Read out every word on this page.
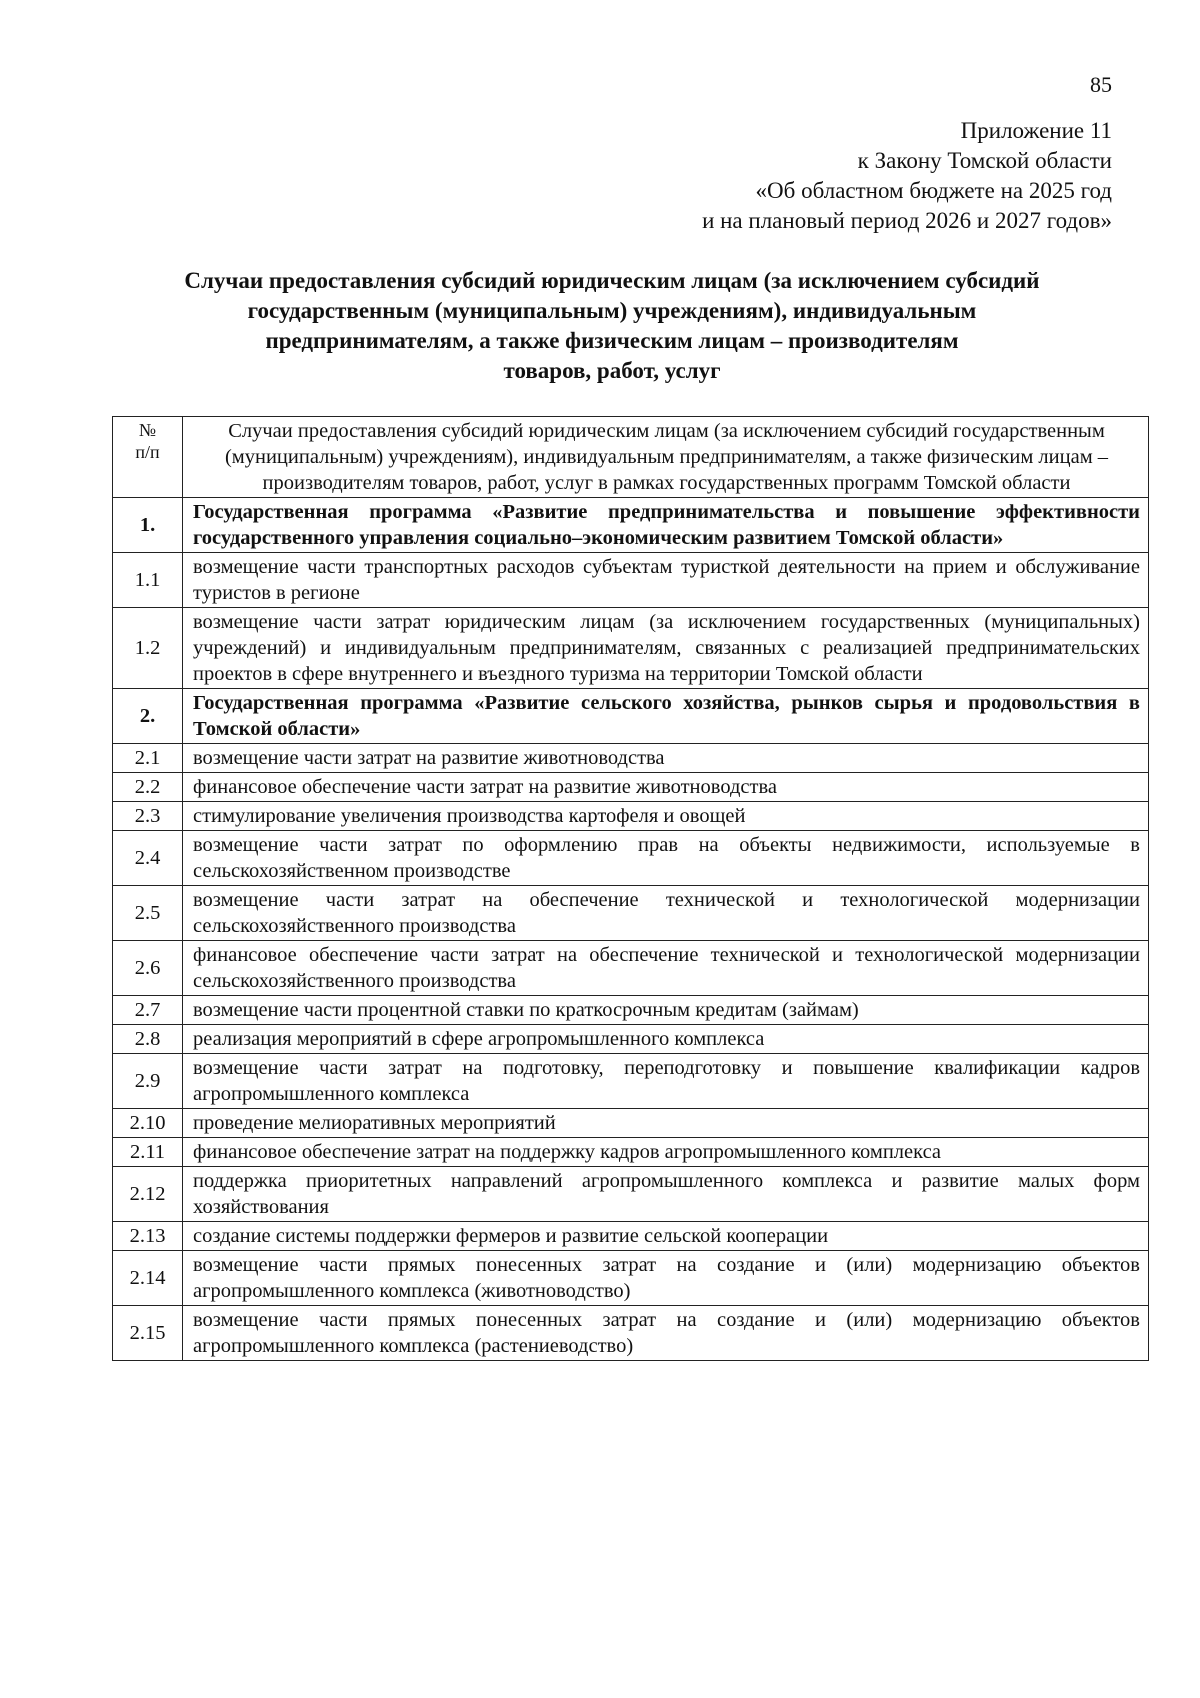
85
Приложение 11
к Закону Томской области
«Об областном бюджете на 2025 год
и на плановый период 2026 и 2027 годов»
Случаи предоставления субсидий юридическим лицам (за исключением субсидий
государственным (муниципальным) учреждениям), индивидуальным
предпринимателям, а также физическим лицам – производителям
товаров, работ, услуг
№
п/п	Случаи предоставления субсидий юридическим лицам (за исключением субсидий государственным (муниципальным) учреждениям), индивидуальным предпринимателям, а также физическим лицам – производителям товаров, работ, услуг в рамках государственных программ Томской области
1.	Государственная программа «Развитие предпринимательства и повышение эффективности государственного управления социально–экономическим развитием Томской области»
1.1	возмещение части транспортных расходов субъектам туристкой деятельности на прием и обслуживание туристов в регионе
1.2	возмещение части затрат юридическим лицам (за исключением государственных (муниципальных) учреждений) и индивидуальным предпринимателям, связанных с реализацией предпринимательских проектов в сфере внутреннего и въездного туризма на территории Томской области
2.	Государственная программа «Развитие сельского хозяйства, рынков сырья и продовольствия в Томской области»
2.1	возмещение части затрат на развитие животноводства
2.2	финансовое обеспечение части затрат на развитие животноводства
2.3	стимулирование увеличения производства картофеля и овощей
2.4	возмещение части затрат по оформлению прав на объекты недвижимости, используемые в сельскохозяйственном производстве
2.5	возмещение части затрат на обеспечение технической и технологической модернизации сельскохозяйственного производства
2.6	финансовое обеспечение части затрат на обеспечение технической и технологической модернизации сельскохозяйственного производства
2.7	возмещение части процентной ставки по краткосрочным кредитам (займам)
2.8	реализация мероприятий в сфере агропромышленного комплекса
2.9	возмещение части затрат на подготовку, переподготовку и повышение квалификации кадров агропромышленного комплекса
2.10	проведение мелиоративных мероприятий
2.11	финансовое обеспечение затрат на поддержку кадров агропромышленного комплекса
2.12	поддержка приоритетных направлений агропромышленного комплекса и развитие малых форм хозяйствования
2.13	создание системы поддержки фермеров и развитие сельской кооперации
2.14	возмещение части прямых понесенных затрат на создание и (или) модернизацию объектов агропромышленного комплекса (животноводство)
2.15	возмещение части прямых понесенных затрат на создание и (или) модернизацию объектов агропромышленного комплекса (растениеводство)
